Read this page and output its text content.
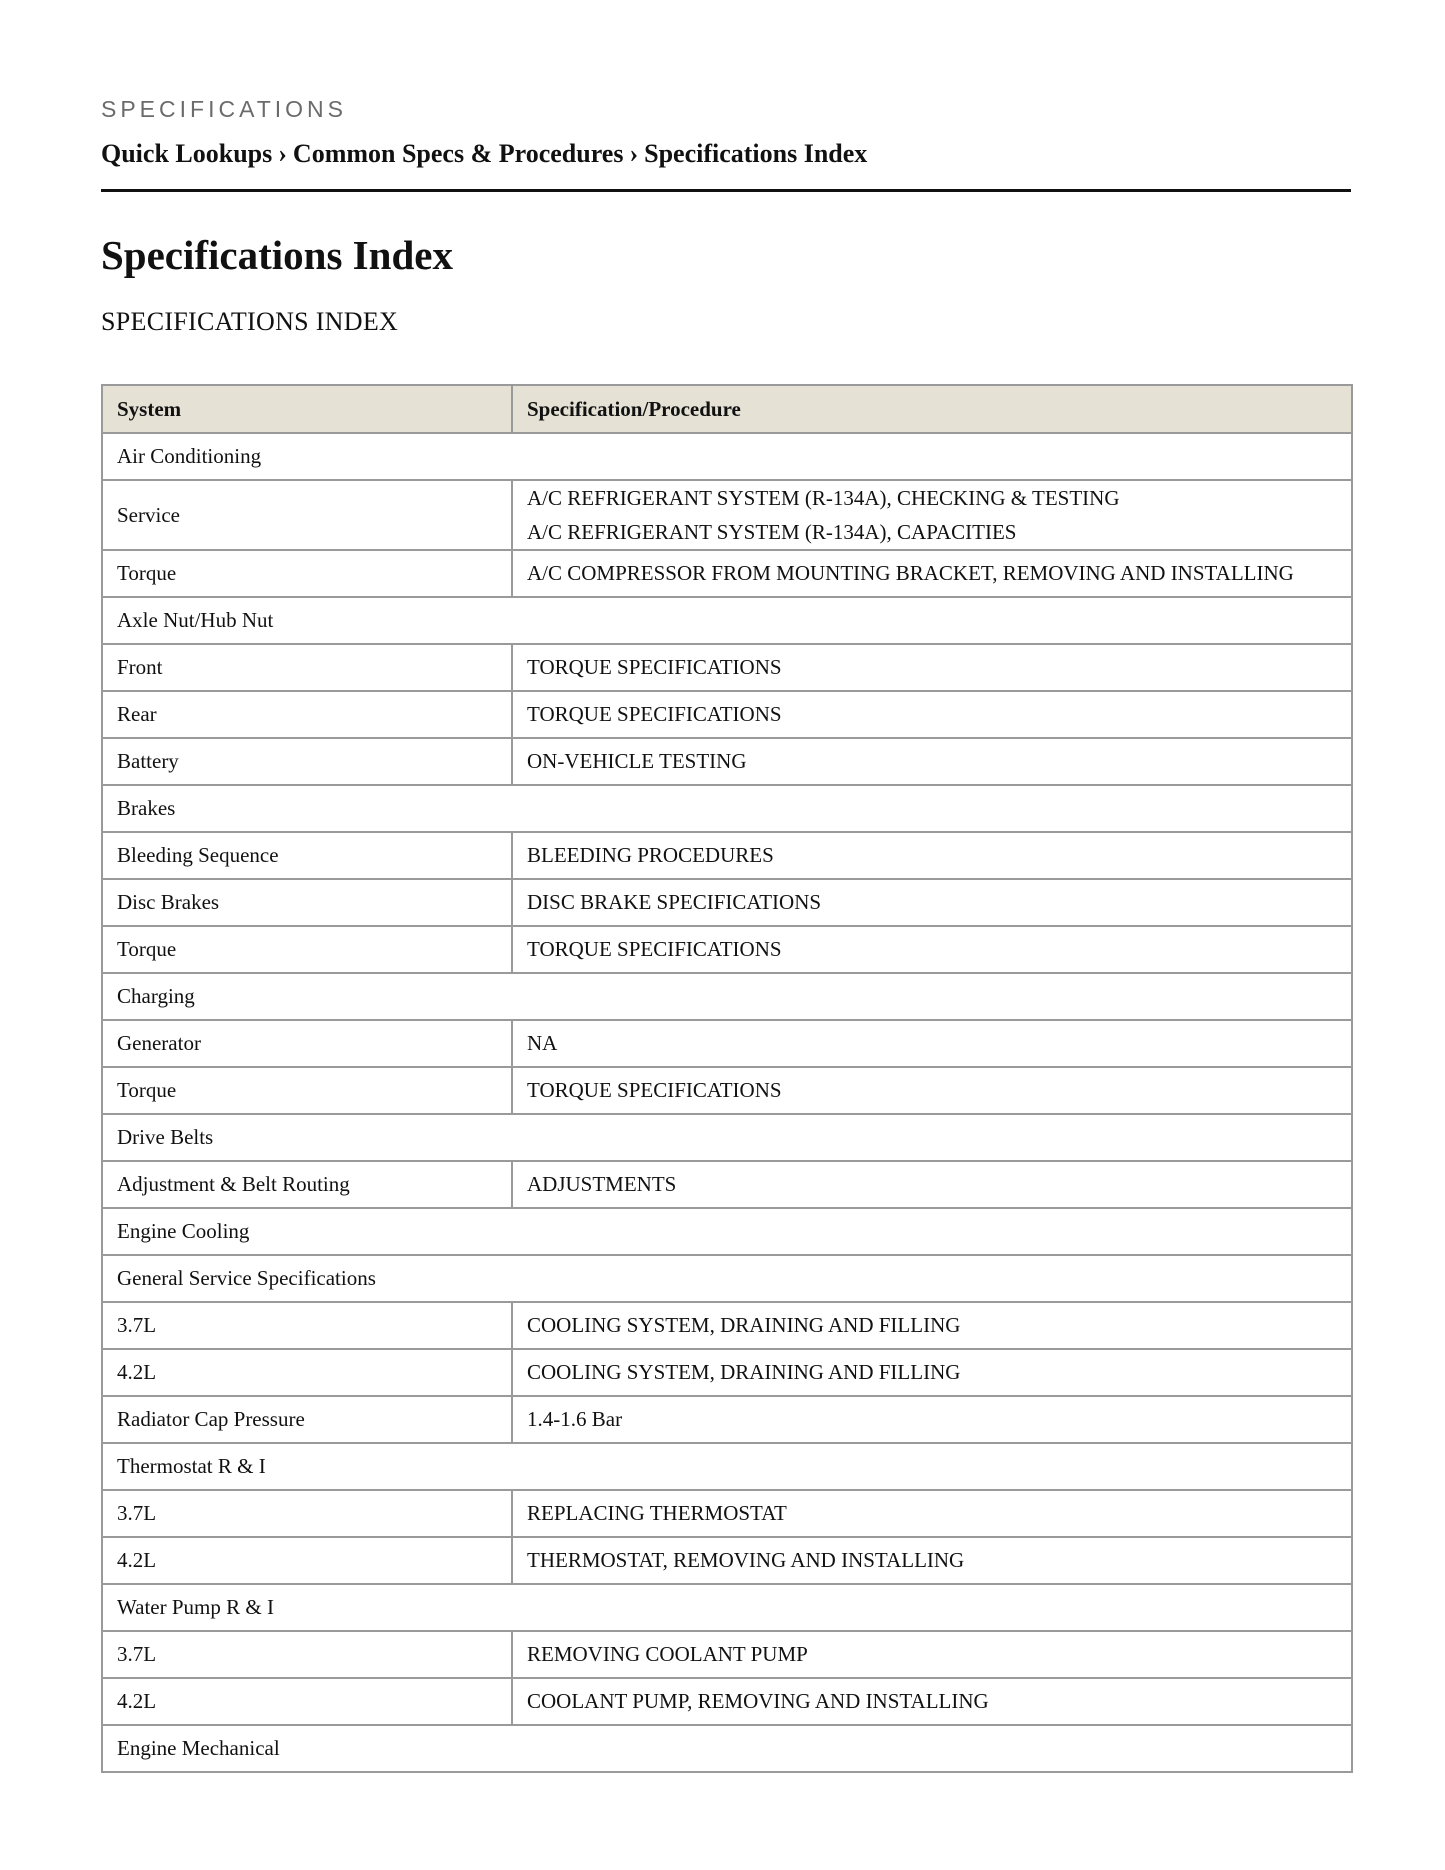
SPECIFICATIONS
Quick Lookups › Common Specs & Procedures › Specifications Index
Specifications Index
SPECIFICATIONS INDEX
System	Specification/Procedure
Air Conditioning	
Service	A/C REFRIGERANT SYSTEM (R-134A), CHECKING & TESTING
A/C REFRIGERANT SYSTEM (R-134A), CAPACITIES

Torque	A/C COMPRESSOR FROM MOUNTING BRACKET, REMOVING AND INSTALLING

Axle Nut/Hub Nut	
Front	TORQUE SPECIFICATIONS

Rear	TORQUE SPECIFICATIONS

Battery	ON-VEHICLE TESTING

Brakes	
Bleeding Sequence	BLEEDING PROCEDURES

Disc Brakes	DISC BRAKE SPECIFICATIONS

Torque	TORQUE SPECIFICATIONS

Charging	
Generator	NA

Torque	TORQUE SPECIFICATIONS

Drive Belts	
Adjustment & Belt Routing	ADJUSTMENTS

Engine Cooling	
General Service Specifications	
3.7L	COOLING SYSTEM, DRAINING AND FILLING

4.2L	COOLING SYSTEM, DRAINING AND FILLING

Radiator Cap Pressure	1.4-1.6 Bar

Thermostat R & I	
3.7L	REPLACING THERMOSTAT

4.2L	THERMOSTAT, REMOVING AND INSTALLING

Water Pump R & I	
3.7L	REMOVING COOLANT PUMP

4.2L	COOLANT PUMP, REMOVING AND INSTALLING

Engine Mechanical	
